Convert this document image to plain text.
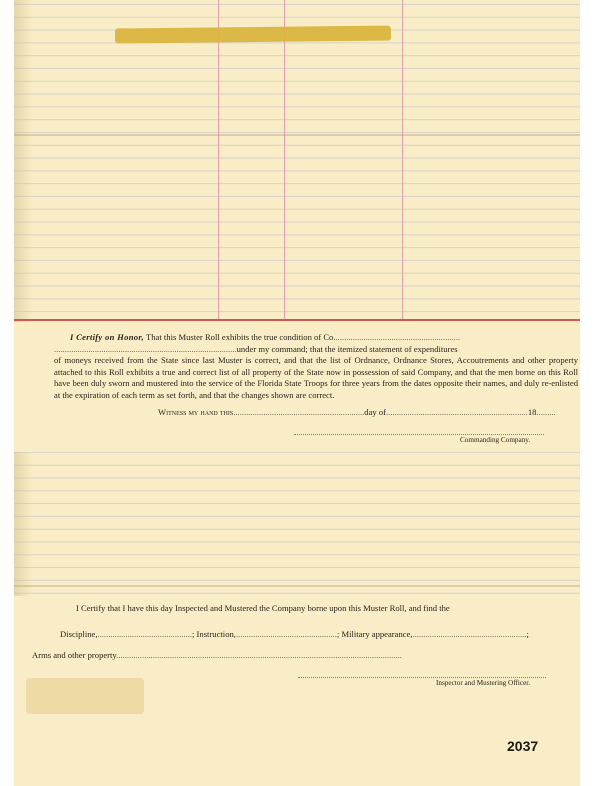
I Certify on Honor, That this Muster Roll exhibits the true condition of Co...........................................................
.....................................................................................under my command; that the itemized statement of expenditures
of moneys received from the State since last Muster is correct, and that the list of Ordnance, Ordnance Stores, Accoutrements and other property attached to this Roll exhibits a true and correct list of all property of the State now in possession of said Company, and that the men borne on this Roll have been duly sworn and mustered into the service of the Florida State Troops for three years from the dates opposite their names, and duly re-enlisted at the expiration of each term as set forth, and that the changes shown are correct.
Witness my hand this.............................................................day of..................................................................18.........
Commanding Company.
I Certify that I have this day Inspected and Mustered the Company borne upon this Muster Roll, and find the
Discipline,............................................; Instruction,...............................................; Military appearance,.....................................................;
Arms and other property.....................................................................................................................................
Inspector and Mustering Officer.
2037
